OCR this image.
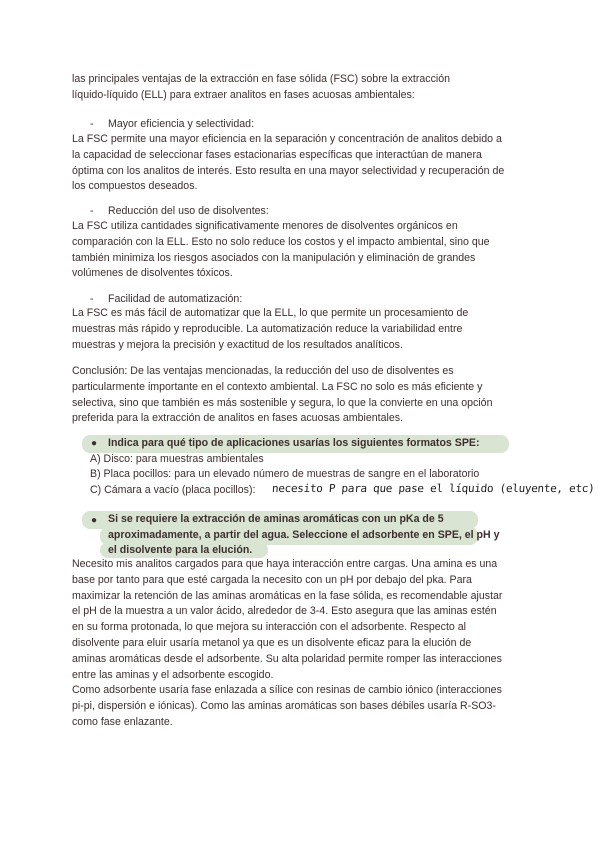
las principales ventajas de la extracción en fase sólida (FSC) sobre la extracción
líquido-líquido (ELL) para extraer analitos en fases acuosas ambientales:
- Mayor eficiencia y selectividad:
La FSC permite una mayor eficiencia en la separación y concentración de analitos debido a
la capacidad de seleccionar fases estacionarias específicas que interactúan de manera
óptima con los analitos de interés. Esto resulta en una mayor selectividad y recuperación de
los compuestos deseados.
- Reducción del uso de disolventes:
La FSC utiliza cantidades significativamente menores de disolventes orgánicos en
comparación con la ELL. Esto no solo reduce los costos y el impacto ambiental, sino que
también minimiza los riesgos asociados con la manipulación y eliminación de grandes
volúmenes de disolventes tóxicos.
- Facilidad de automatización:
La FSC es más fácil de automatizar que la ELL, lo que permite un procesamiento de
muestras más rápido y reproducible. La automatización reduce la variabilidad entre
muestras y mejora la precisión y exactitud de los resultados analíticos.
Conclusión: De las ventajas mencionadas, la reducción del uso de disolventes es
particularmente importante en el contexto ambiental. La FSC no solo es más eficiente y
selectiva, sino que también es más sostenible y segura, lo que la convierte en una opción
preferida para la extracción de analitos en fases acuosas ambientales.
● Indica para qué tipo de aplicaciones usarías los siguientes formatos SPE:
A) Disco: para muestras ambientales
B) Placa pocillos: para un elevado número de muestras de sangre en el laboratorio
C) Cámara a vacío (placa pocillos): necesito P para que pase el líquido (eluyente, etc)
● Si se requiere la extracción de aminas aromáticas con un pKa de 5
aproximadamente, a partir del agua. Seleccione el adsorbente en SPE, el pH y
el disolvente para la elución.
Necesito mis analitos cargados para que haya interacción entre cargas. Una amina es una
base por tanto para que esté cargada la necesito con un pH por debajo del pka. Para
maximizar la retención de las aminas aromáticas en la fase sólida, es recomendable ajustar
el pH de la muestra a un valor ácido, alrededor de 3-4. Esto asegura que las aminas estén
en su forma protonada, lo que mejora su interacción con el adsorbente. Respecto al
disolvente para eluir usaría metanol ya que es un disolvente eficaz para la elución de
aminas aromáticas desde el adsorbente. Su alta polaridad permite romper las interacciones
entre las aminas y el adsorbente escogido.
Como adsorbente usaría fase enlazada a sílice con resinas de cambio iónico (interacciones
pi-pi, dispersión e iónicas). Como las aminas aromáticas son bases débiles usaría R-SO3-
como fase enlazante.
